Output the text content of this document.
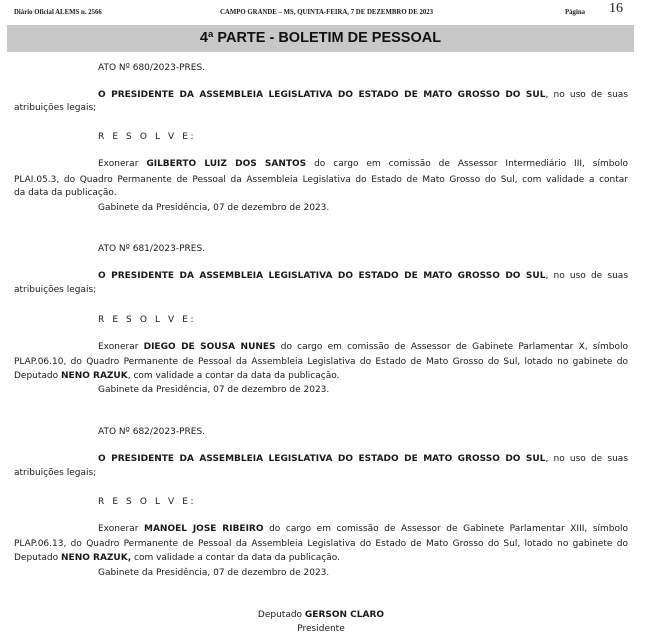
Diário Oficial ALEMS n. 2566	CAMPO GRANDE – MS, QUINTA-FEIRA, 7 DE DEZEMBRO DE 2023	Página 16
4ª PARTE - BOLETIM DE PESSOAL
ATO Nº 680/2023-PRES.
O PRESIDENTE DA ASSEMBLEIA LEGISLATIVA DO ESTADO DE MATO GROSSO DO SUL, no uso de suas
atribuições legais;
R E S O L V E:
Exonerar GILBERTO LUIZ DOS SANTOS do cargo em comissão de Assessor Intermediário III, símbolo
PLAI.05.3, do Quadro Permanente de Pessoal da Assembleia Legislativa do Estado de Mato Grosso do Sul, com validade a contar
da data da publicação.
Gabinete da Presidência, 07 de dezembro de 2023.
ATO Nº 681/2023-PRES.
O PRESIDENTE DA ASSEMBLEIA LEGISLATIVA DO ESTADO DE MATO GROSSO DO SUL, no uso de suas
atribuições legais;
R E S O L V E:
Exonerar DIEGO DE SOUSA NUNES do cargo em comissão de Assessor de Gabinete Parlamentar X, símbolo
PLAP.06.10, do Quadro Permanente de Pessoal da Assembleia Legislativa do Estado de Mato Grosso do Sul, lotado no gabinete do
Deputado NENO RAZUK, com validade a contar da data da publicação.
Gabinete da Presidência, 07 de dezembro de 2023.
ATO Nº 682/2023-PRES.
O PRESIDENTE DA ASSEMBLEIA LEGISLATIVA DO ESTADO DE MATO GROSSO DO SUL, no uso de suas
atribuições legais;
R E S O L V E:
Exonerar MANOEL JOSE RIBEIRO do cargo em comissão de Assessor de Gabinete Parlamentar XIII, símbolo
PLAP.06.13, do Quadro Permanente de Pessoal da Assembleia Legislativa do Estado de Mato Grosso do Sul, lotado no gabinete do
Deputado NENO RAZUK, com validade a contar da data da publicação.
Gabinete da Presidência, 07 de dezembro de 2023.
Deputado GERSON CLARO
Presidente
